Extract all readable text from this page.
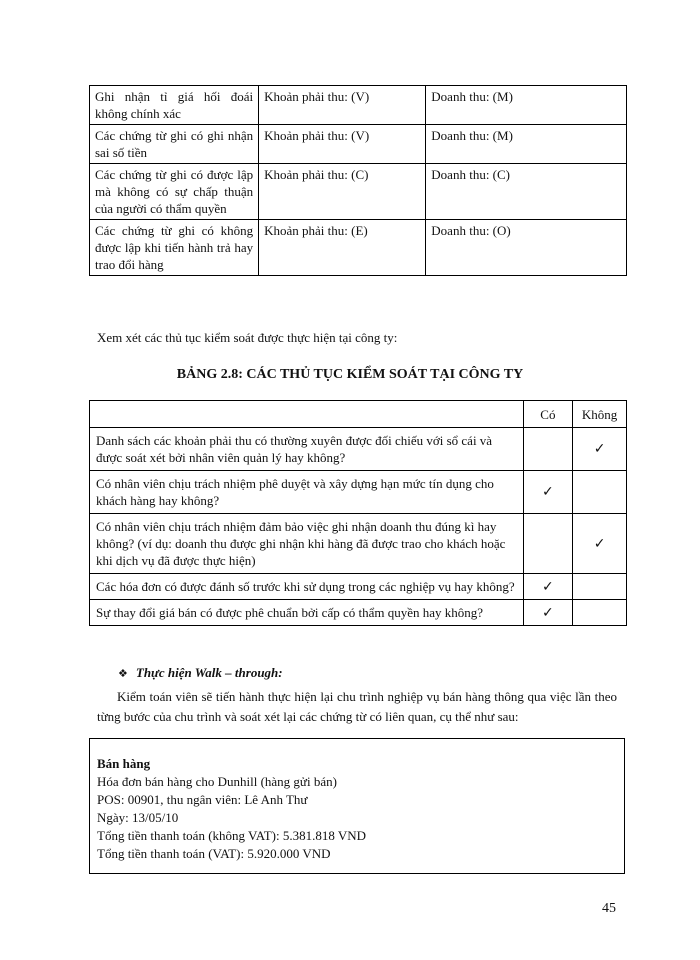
Ghi nhận tỉ giá hối đoái không chính xác	Khoản phải thu: (V)	Doanh thu: (M)
Các chứng từ ghi có ghi nhận sai số tiền	Khoản phải thu: (V)	Doanh thu: (M)
Các chứng từ ghi có được lập mà không có sự chấp thuận của người có thẩm quyền	Khoản phải thu: (C)	Doanh thu: (C)
Các chứng từ ghi có không được lập khi tiến hành trả hay trao đổi hàng	Khoản phải thu: (E)	Doanh thu: (O)
Xem xét các thủ tục kiểm soát được thực hiện tại công ty:
BẢNG 2.8: CÁC THỦ TỤC KIỂM SOÁT TẠI CÔNG TY
	Có	Không
Danh sách các khoản phải thu có thường xuyên được đối chiếu với sổ cái và được soát xét bởi nhân viên quản lý hay không?		✓
Có nhân viên chịu trách nhiệm phê duyệt và xây dựng hạn mức tín dụng cho khách hàng hay không?	✓	
Có nhân viên chịu trách nhiệm đảm bảo việc ghi nhận doanh thu đúng kì hay không? (ví dụ: doanh thu được ghi nhận khi hàng đã được trao cho khách hoặc khi dịch vụ đã được thực hiện)		✓
Các hóa đơn có được đánh số trước khi sử dụng trong các nghiệp vụ hay không?	✓	
Sự thay đổi giá bán có được phê chuẩn bởi cấp có thẩm quyền hay không?	✓	
❖ Thực hiện Walk – through:
Kiểm toán viên sẽ tiến hành thực hiện lại chu trình nghiệp vụ bán hàng thông qua việc lần theo từng bước của chu trình và soát xét lại các chứng từ có liên quan, cụ thể như sau:
Bán hàng
Hóa đơn bán hàng cho Dunhill (hàng gửi bán)
POS: 00901, thu ngân viên: Lê Anh Thư
Ngày: 13/05/10
Tổng tiền thanh toán (không VAT): 5.381.818 VND
Tổng tiền thanh toán (VAT): 5.920.000 VND
45
